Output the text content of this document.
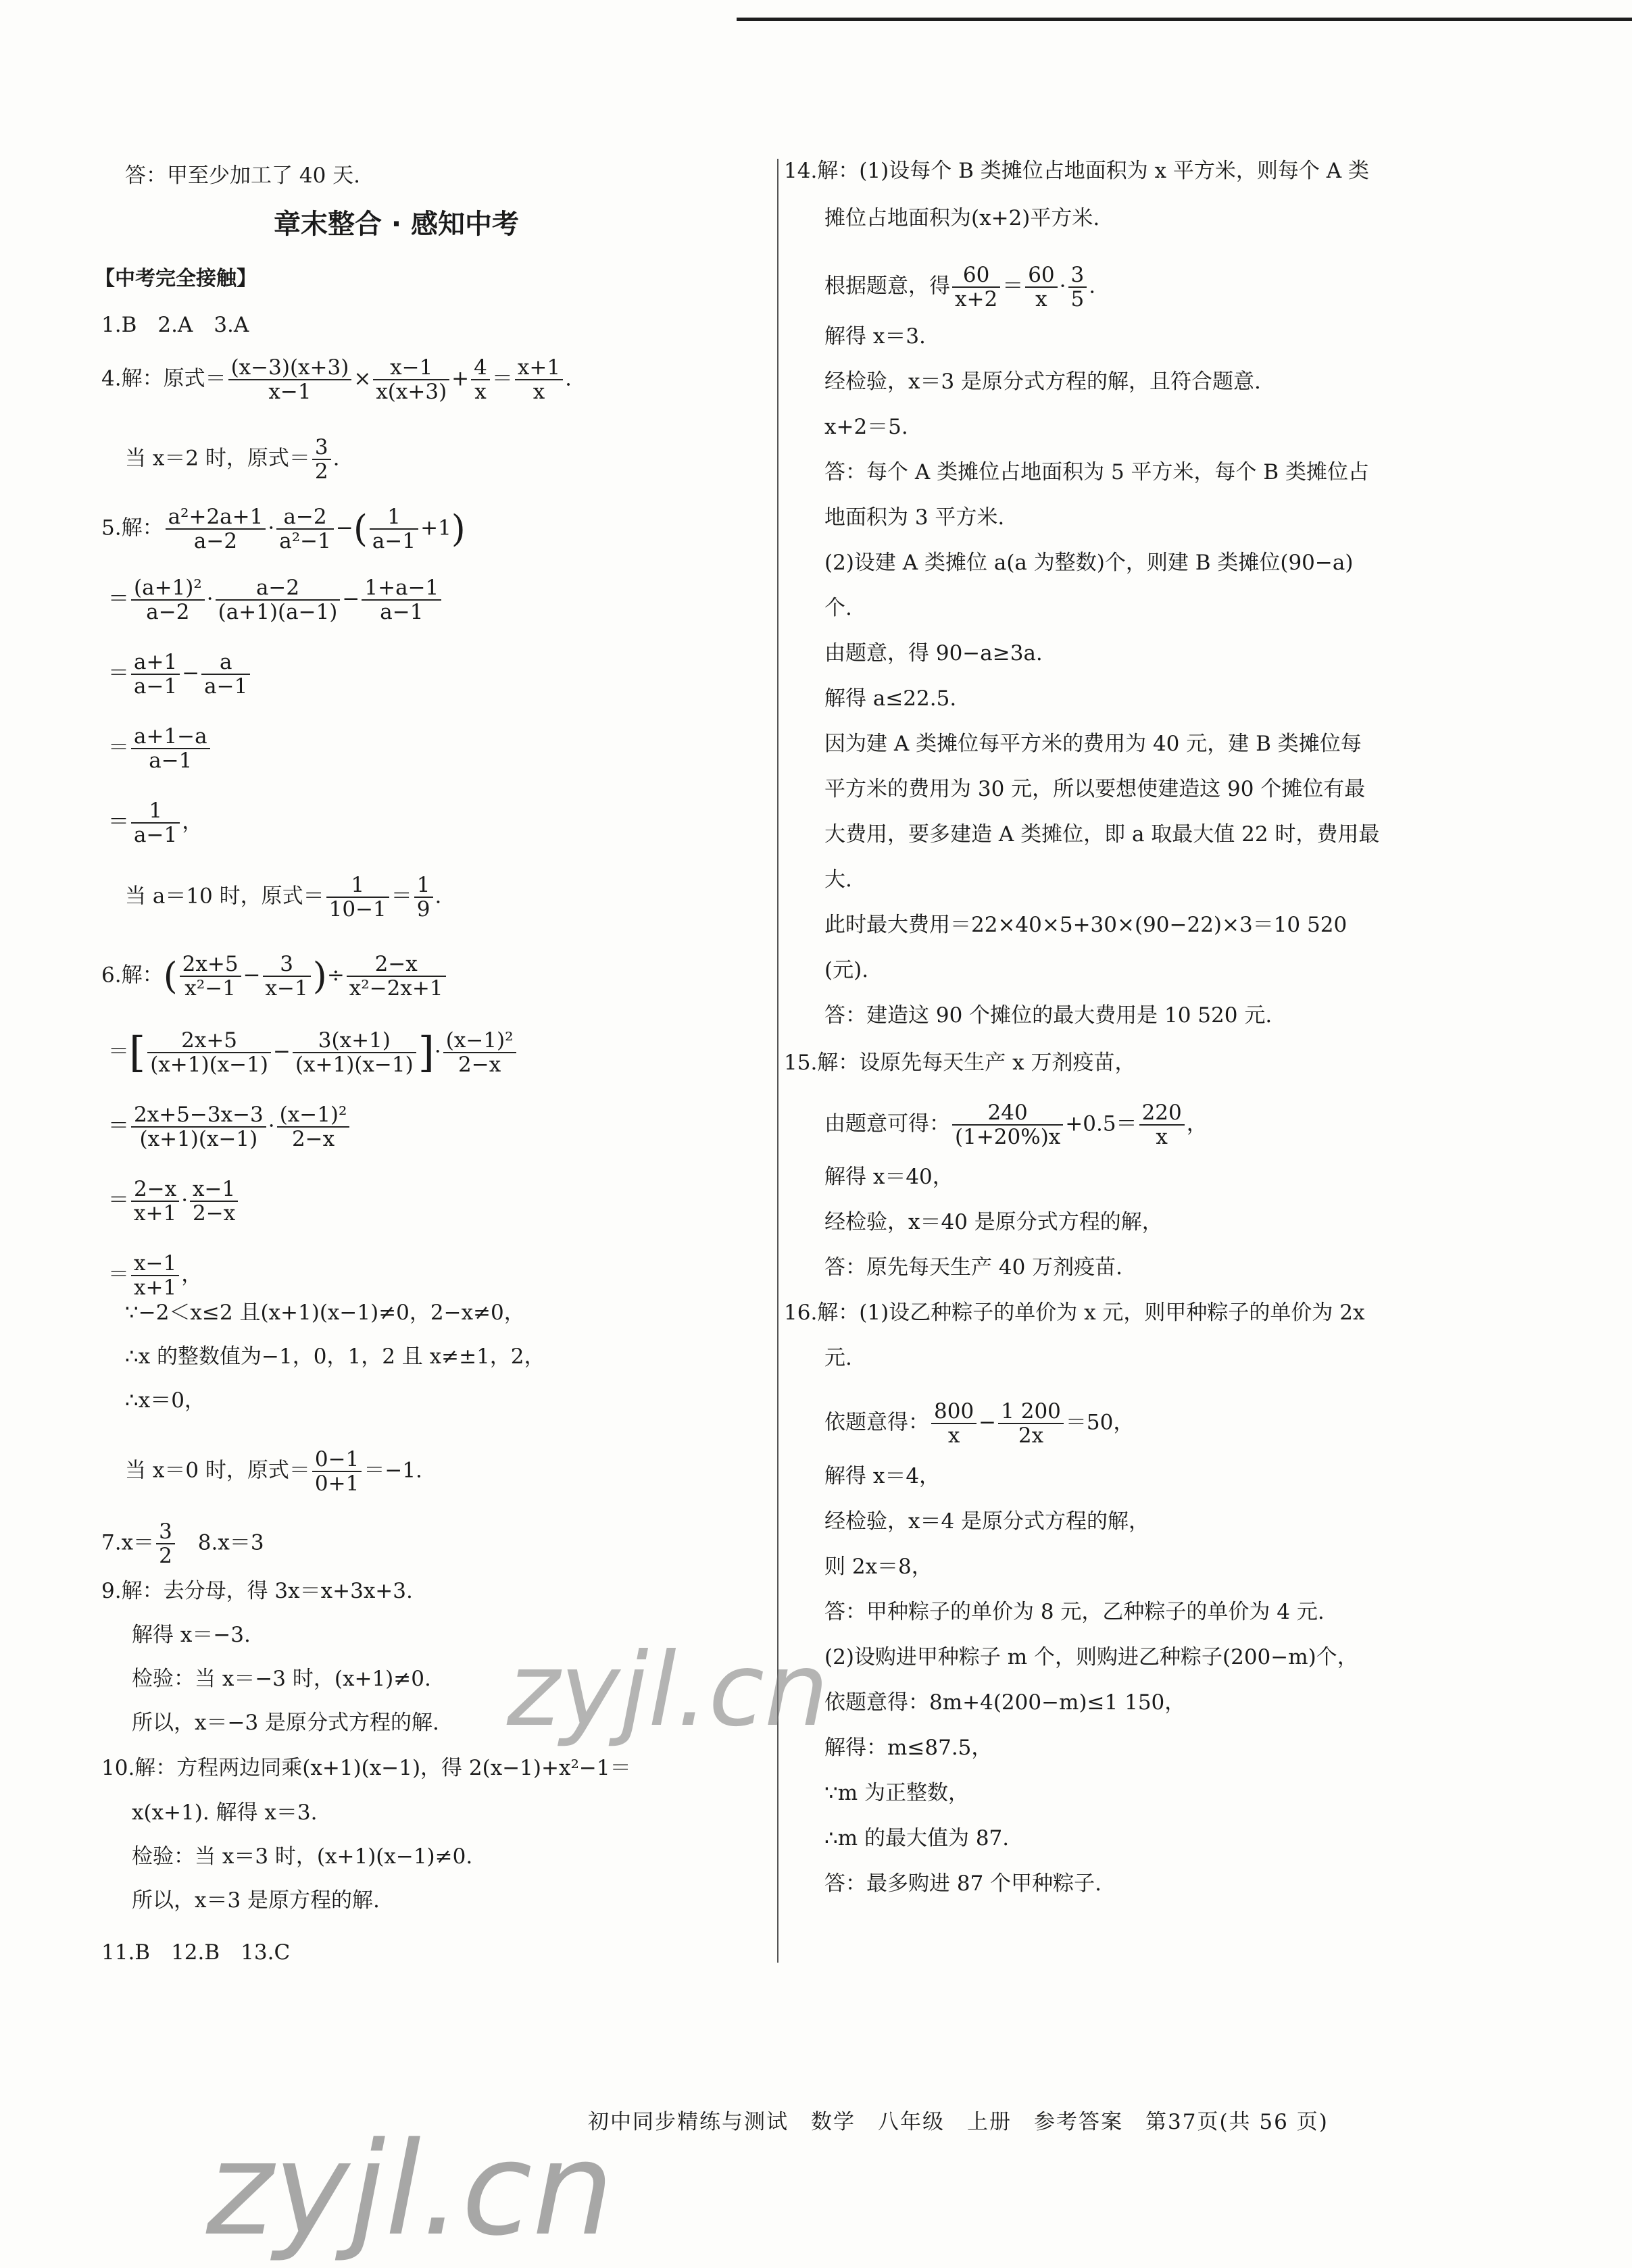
答：甲至少加工了 40 天.
章末整合 · 感知中考
【中考完全接触】
1.B　2.A　3.A
4.解：原式＝ $\frac{(x-3)(x+3)}{x-1} \times \frac{x-1}{x(x+3)} + \frac{4}{x} = \frac{x+1}{x}$ .
当 x＝2 时，原式＝ $\frac{3}{2}$ .
5.解： $\frac{\text{a²+2a+1}}{a-2} \cdot \frac{a-2}{\text{a²−1}}$ −( $\frac{1}{a-1} +1$)
＝ $\frac{\text{(a+1)²}}{a-2} \cdot \frac{a-2}{(a+1)(a-1)} - \frac{1+a-1}{a-1}$
＝ $\frac{a+1}{a-1} - \frac{a}{a-1}$
＝ $\frac{a+1-a}{a-1}$
＝ $\frac{1}{a-1}$ ，
当 a＝10 时，原式＝ $\frac{1}{10-1} = \frac{1}{9}$ .
6.解：( $\frac{2x+5}{\text{x²−1}} - \frac{3}{x-1}$ )÷ $\frac{2-x}{\text{x²−2x+1}}$
＝[ $\frac{2x+5}{(x+1)(x-1)} - \frac{3(x+1)}{(x+1)(x-1)}$ ]· $\frac{\text{(x−1)²}}{2-x}$
＝ $\frac{2x+5-3x-3}{(x+1)(x-1)} \cdot \frac{\text{(x−1)²}}{2-x}$
＝ $\frac{2-x}{x+1} \cdot \frac{x-1}{2-x}$
＝ $\frac{x-1}{x+1}$ ，
∵−2＜x≤2 且(x+1)(x−1)≠0，2−x≠0，
∴x 的整数值为−1，0，1，2 且 x≠±1，2，
∴x＝0，
当 x＝0 时，原式＝ $\frac{0-1}{0+1} =-1$.
$7.x= \frac{3}{2}$
　 8.x＝3
9.解：去分母，得 3x＝x+3x+3.
解得 x＝−3.
检验：当 x＝−3 时，(x+1)≠0.
所以，x＝−3 是原分式方程的解.
10.解：方程两边同乘(x+1)(x−1)，得 2(x−1)+x²−1＝
x(x+1). 解得 x＝3.
检验：当 x＝3 时，(x+1)(x−1)≠0.
所以，x＝3 是原方程的解.
11.B　12.B　13.C
14.解：(1)设每个 B 类摊位占地面积为 x 平方米，则每个 A 类
摊位占地面积为(x+2)平方米.
根据题意，得 $\frac{60}{x+2} = \frac{60}{x} \cdot \frac{3}{5}$ .
解得 x＝3.
经检验，x＝3 是原分式方程的解，且符合题意.
x+2＝5.
答：每个 A 类摊位占地面积为 5 平方米，每个 B 类摊位占
地面积为 3 平方米.
(2)设建 A 类摊位 a(a 为整数)个，则建 B 类摊位(90−a)
个.
由题意，得 90−a≥3a.
解得 a≤22.5.
因为建 A 类摊位每平方米的费用为 40 元，建 B 类摊位每
平方米的费用为 30 元，所以要想使建造这 90 个摊位有最
大费用，要多建造 A 类摊位，即 a 取最大值 22 时，费用最
大.
此时最大费用＝22×40×5+30×(90−22)×3＝10 520
(元).
答：建造这 90 个摊位的最大费用是 10 520 元.
15.解：设原先每天生产 x 万剂疫苗，
由题意可得： $\frac{240}{(1+20\%)x} +0.5= \frac{220}{x}$ ，
解得 x＝40，
经检验，x＝40 是原分式方程的解，
答：原先每天生产 40 万剂疫苗.
16.解：(1)设乙种粽子的单价为 x 元，则甲种粽子的单价为 2x
元.
依题意得： $\frac{800}{x} - \frac{1 200}{2x} =50$，
解得 x＝4，
经检验，x＝4 是原分式方程的解，
则 2x＝8，
答：甲种粽子的单价为 8 元，乙种粽子的单价为 4 元.
(2)设购进甲种粽子 m 个，则购进乙种粽子(200−m)个，
依题意得：8m+4(200−m)≤1 150，
解得：m≤87.5，
∵m 为正整数，
∴m 的最大值为 87.
答：最多购进 87 个甲种粽子.
初中同步精练与测试　数学　八年级　上册　参考答案　第37页(共 56 页)
zyjl.cn
zyjl.cn
